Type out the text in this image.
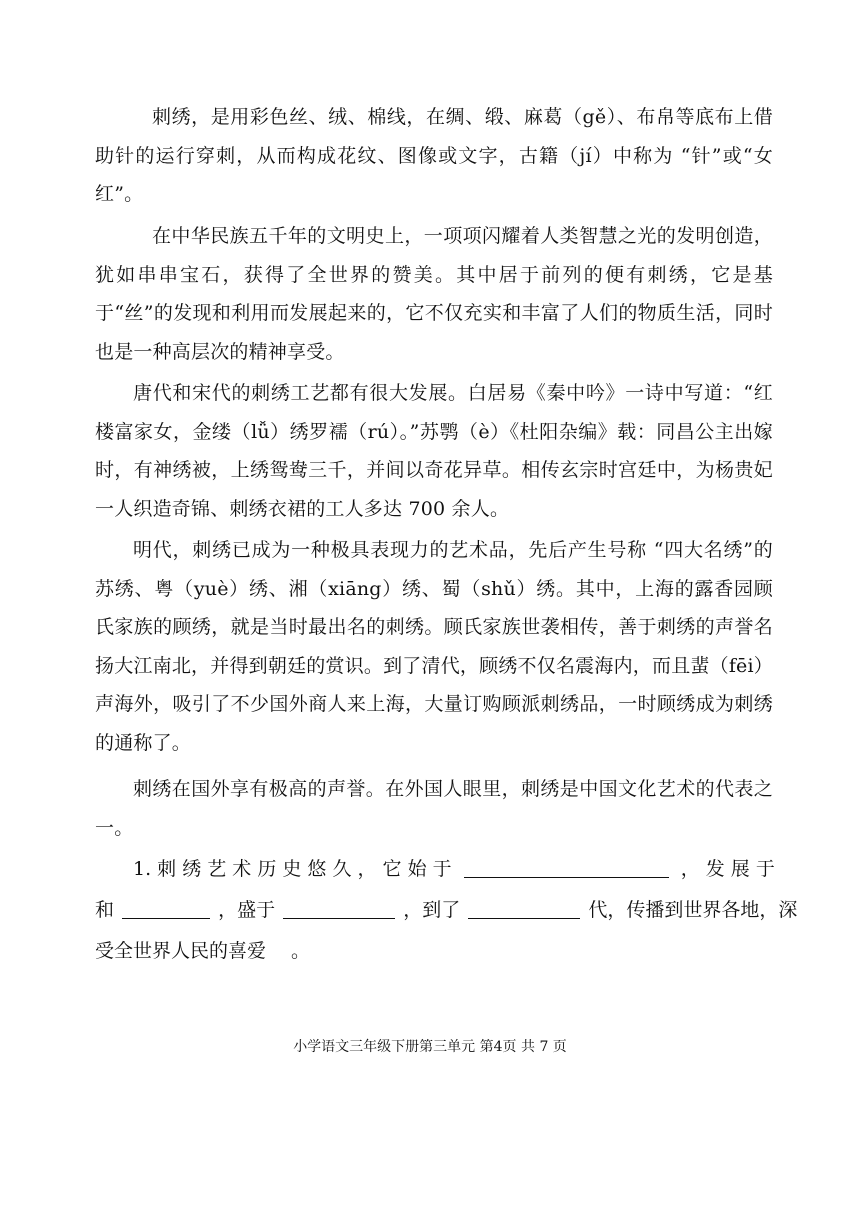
刺绣，是用彩色丝、绒、棉线，在绸、缎、麻葛（gě）、布帛等底布上借助针的运行穿刺，从而构成花纹、图像或文字，古籍（jí）中称为 “针”或“女红”。

在中华民族五千年的文明史上，一项项闪耀着人类智慧之光的发明创造，犹如串串宝石，获得了全世界的赞美。其中居于前列的便有刺绣，它是基于“丝”的发现和利用而发展起来的，它不仅充实和丰富了人们的物质生活，同时也是一种高层次的精神享受。

唐代和宋代的刺绣工艺都有很大发展。白居易《秦中吟》一诗中写道：“红楼富家女，金缕（lǚ）绣罗襦（rú）。”苏鹗（è）《杜阳杂编》载：同昌公主出嫁时，有神绣被，上绣鸳鸯三千，并间以奇花异草。相传玄宗时宫廷中，为杨贵妃一人织造奇锦、刺绣衣裙的工人多达 700 余人。

明代，刺绣已成为一种极具表现力的艺术品，先后产生号称 “四大名绣”的苏绣、粤（yuè）绣、湘（xiāng）绣、蜀（shǔ）绣。其中，上海的露香园顾氏家族的顾绣，就是当时最出名的刺绣。顾氏家族世袭相传，善于刺绣的声誉名扬大江南北，并得到朝廷的赏识。到了清代，顾绣不仅名震海内，而且蜚（fēi）声海外，吸引了不少国外商人来上海，大量订购顾派刺绣品，一时顾绣成为刺绣的通称了。

刺绣在国外享有极高的声誉。在外国人眼里，刺绣是中国文化艺术的代表之一。

1. 刺 绣 艺 术 历 史 悠 久 ， 它 始 于	， 发 展 于
和	，盛于	，到了	代，传播到世界各地，深
受全世界人民的喜爱　 。
小学语文三年级下册第三单元 第4页 共 7 页
